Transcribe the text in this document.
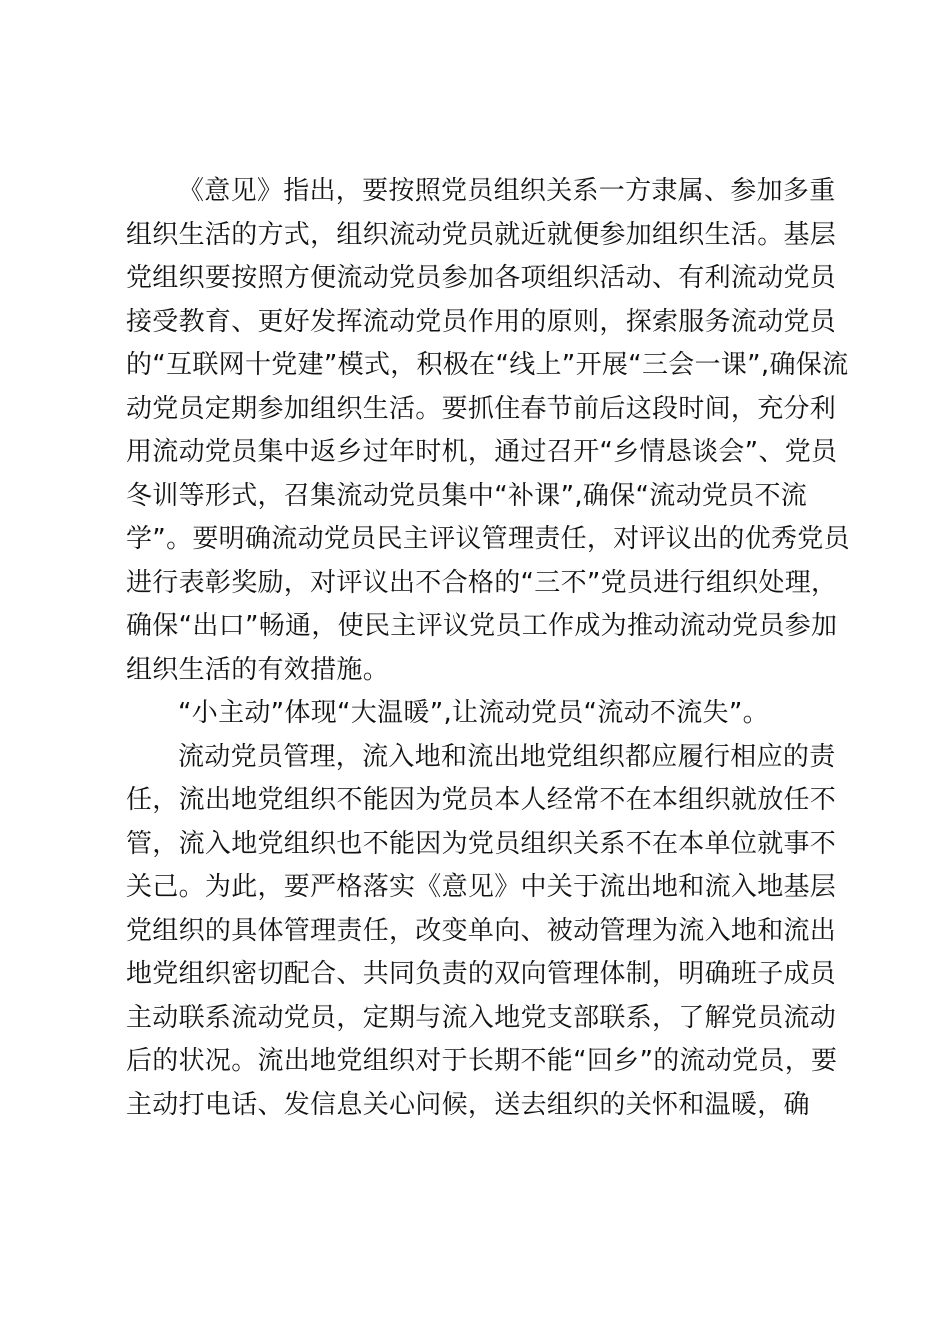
《意见》指出，要按照党员组织关系一方隶属、参加多重
组织生活的方式，组织流动党员就近就便参加组织生活。基层
党组织要按照方便流动党员参加各项组织活动、有利流动党员
接受教育、更好发挥流动党员作用的原则，探索服务流动党员
的“互联网十党建”模式，积极在“线上”开展“三会一课”,确保流
动党员定期参加组织生活。要抓住春节前后这段时间，充分利
用流动党员集中返乡过年时机，通过召开“乡情恳谈会”、党员
冬训等形式，召集流动党员集中“补课”,确保“流动党员不流
学”。要明确流动党员民主评议管理责任，对评议出的优秀党员
进行表彰奖励，对评议出不合格的“三不”党员进行组织处理，
确保“出口”畅通，使民主评议党员工作成为推动流动党员参加
组织生活的有效措施。
“小主动”体现“大温暖”,让流动党员“流动不流失”。
流动党员管理，流入地和流出地党组织都应履行相应的责
任，流出地党组织不能因为党员本人经常不在本组织就放任不
管，流入地党组织也不能因为党员组织关系不在本单位就事不
关己。为此，要严格落实《意见》中关于流出地和流入地基层
党组织的具体管理责任，改变单向、被动管理为流入地和流出
地党组织密切配合、共同负责的双向管理体制，明确班子成员
主动联系流动党员，定期与流入地党支部联系，了解党员流动
后的状况。流出地党组织对于长期不能“回乡”的流动党员，要
主动打电话、发信息关心问候，送去组织的关怀和温暖，确
